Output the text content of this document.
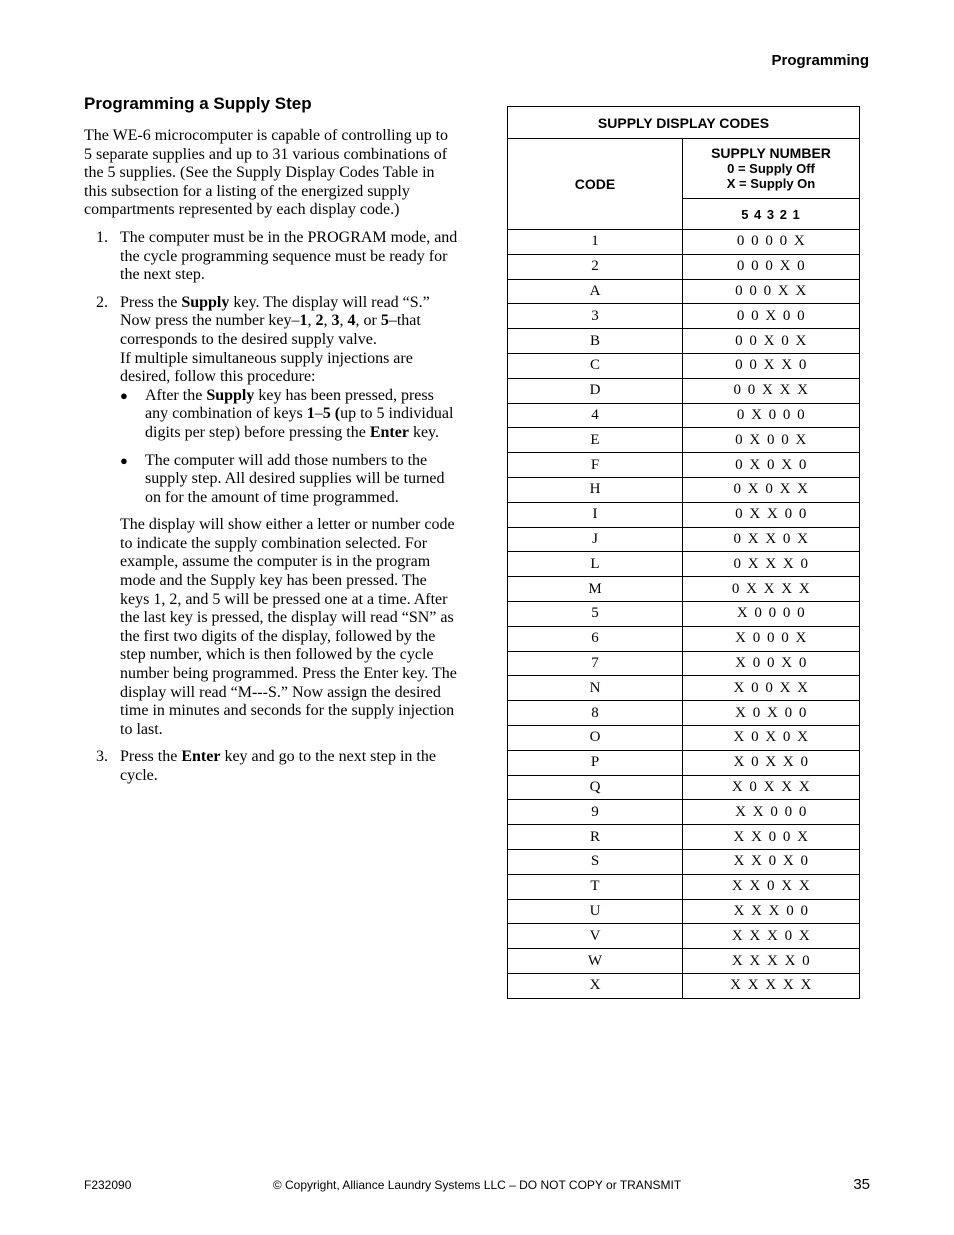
Programming
Programming a Supply Step

The WE-6 microcomputer is capable of controlling up to 5 separate supplies and up to 31 various combinations of the 5 supplies. (See the Supply Display Codes Table in this subsection for a listing of the energized supply compartments represented by each display code.)

1. The computer must be in the PROGRAM mode, and the cycle programming sequence must be ready for the next step.

2. Press the Supply key. The display will read “S.” Now press the number key–1, 2, 3, 4, or 5–that corresponds to the desired supply valve.

If multiple simultaneous supply injections are desired, follow this procedure:

● After the Supply key has been pressed, press any combination of keys 1–5 (up to 5 individual digits per step) before pressing the Enter key.
● The computer will add those numbers to the supply step. All desired supplies will be turned on for the amount of time programmed.

The display will show either a letter or number code to indicate the supply combination selected. For example, assume the computer is in the program mode and the Supply key has been pressed. The keys 1, 2, and 5 will be pressed one at a time. After the last key is pressed, the display will read “SN” as the first two digits of the display, followed by the step number, which is then followed by the cycle number being programmed. Press the Enter key. The display will read “M---S.” Now assign the desired time in minutes and seconds for the supply injection to last.

3. Press the Enter key and go to the next step in the cycle.

SUPPLY DISPLAY CODES	
CODE	SUPPLY NUMBER
0 = Supply Off
X = Supply On

	5 4 3 2 1
1	0 0 0 0 X
2	0 0 0 X 0
A	0 0 0 X X
3	0 0 X 0 0
B	0 0 X 0 X
C	0 0 X X 0
D	0 0 X X X
4	0 X 0 0 0
E	0 X 0 0 X
F	0 X 0 X 0
H	0 X 0 X X
I	0 X X 0 0
J	0 X X 0 X
L	0 X X X 0
M	0 X X X X
5	X 0 0 0 0
6	X 0 0 0 X
7	X 0 0 X 0
N	X 0 0 X X
8	X 0 X 0 0
O	X 0 X 0 X
P	X 0 X X 0
Q	X 0 X X X
9	X X 0 0 0
R	X X 0 0 X
S	X X 0 X 0
T	X X 0 X X
U	X X X 0 0
V	X X X 0 X
W	X X X X 0
X	X X X X X
F232090	© Copyright, Alliance Laundry Systems LLC – DO NOT COPY or TRANSMIT	35
